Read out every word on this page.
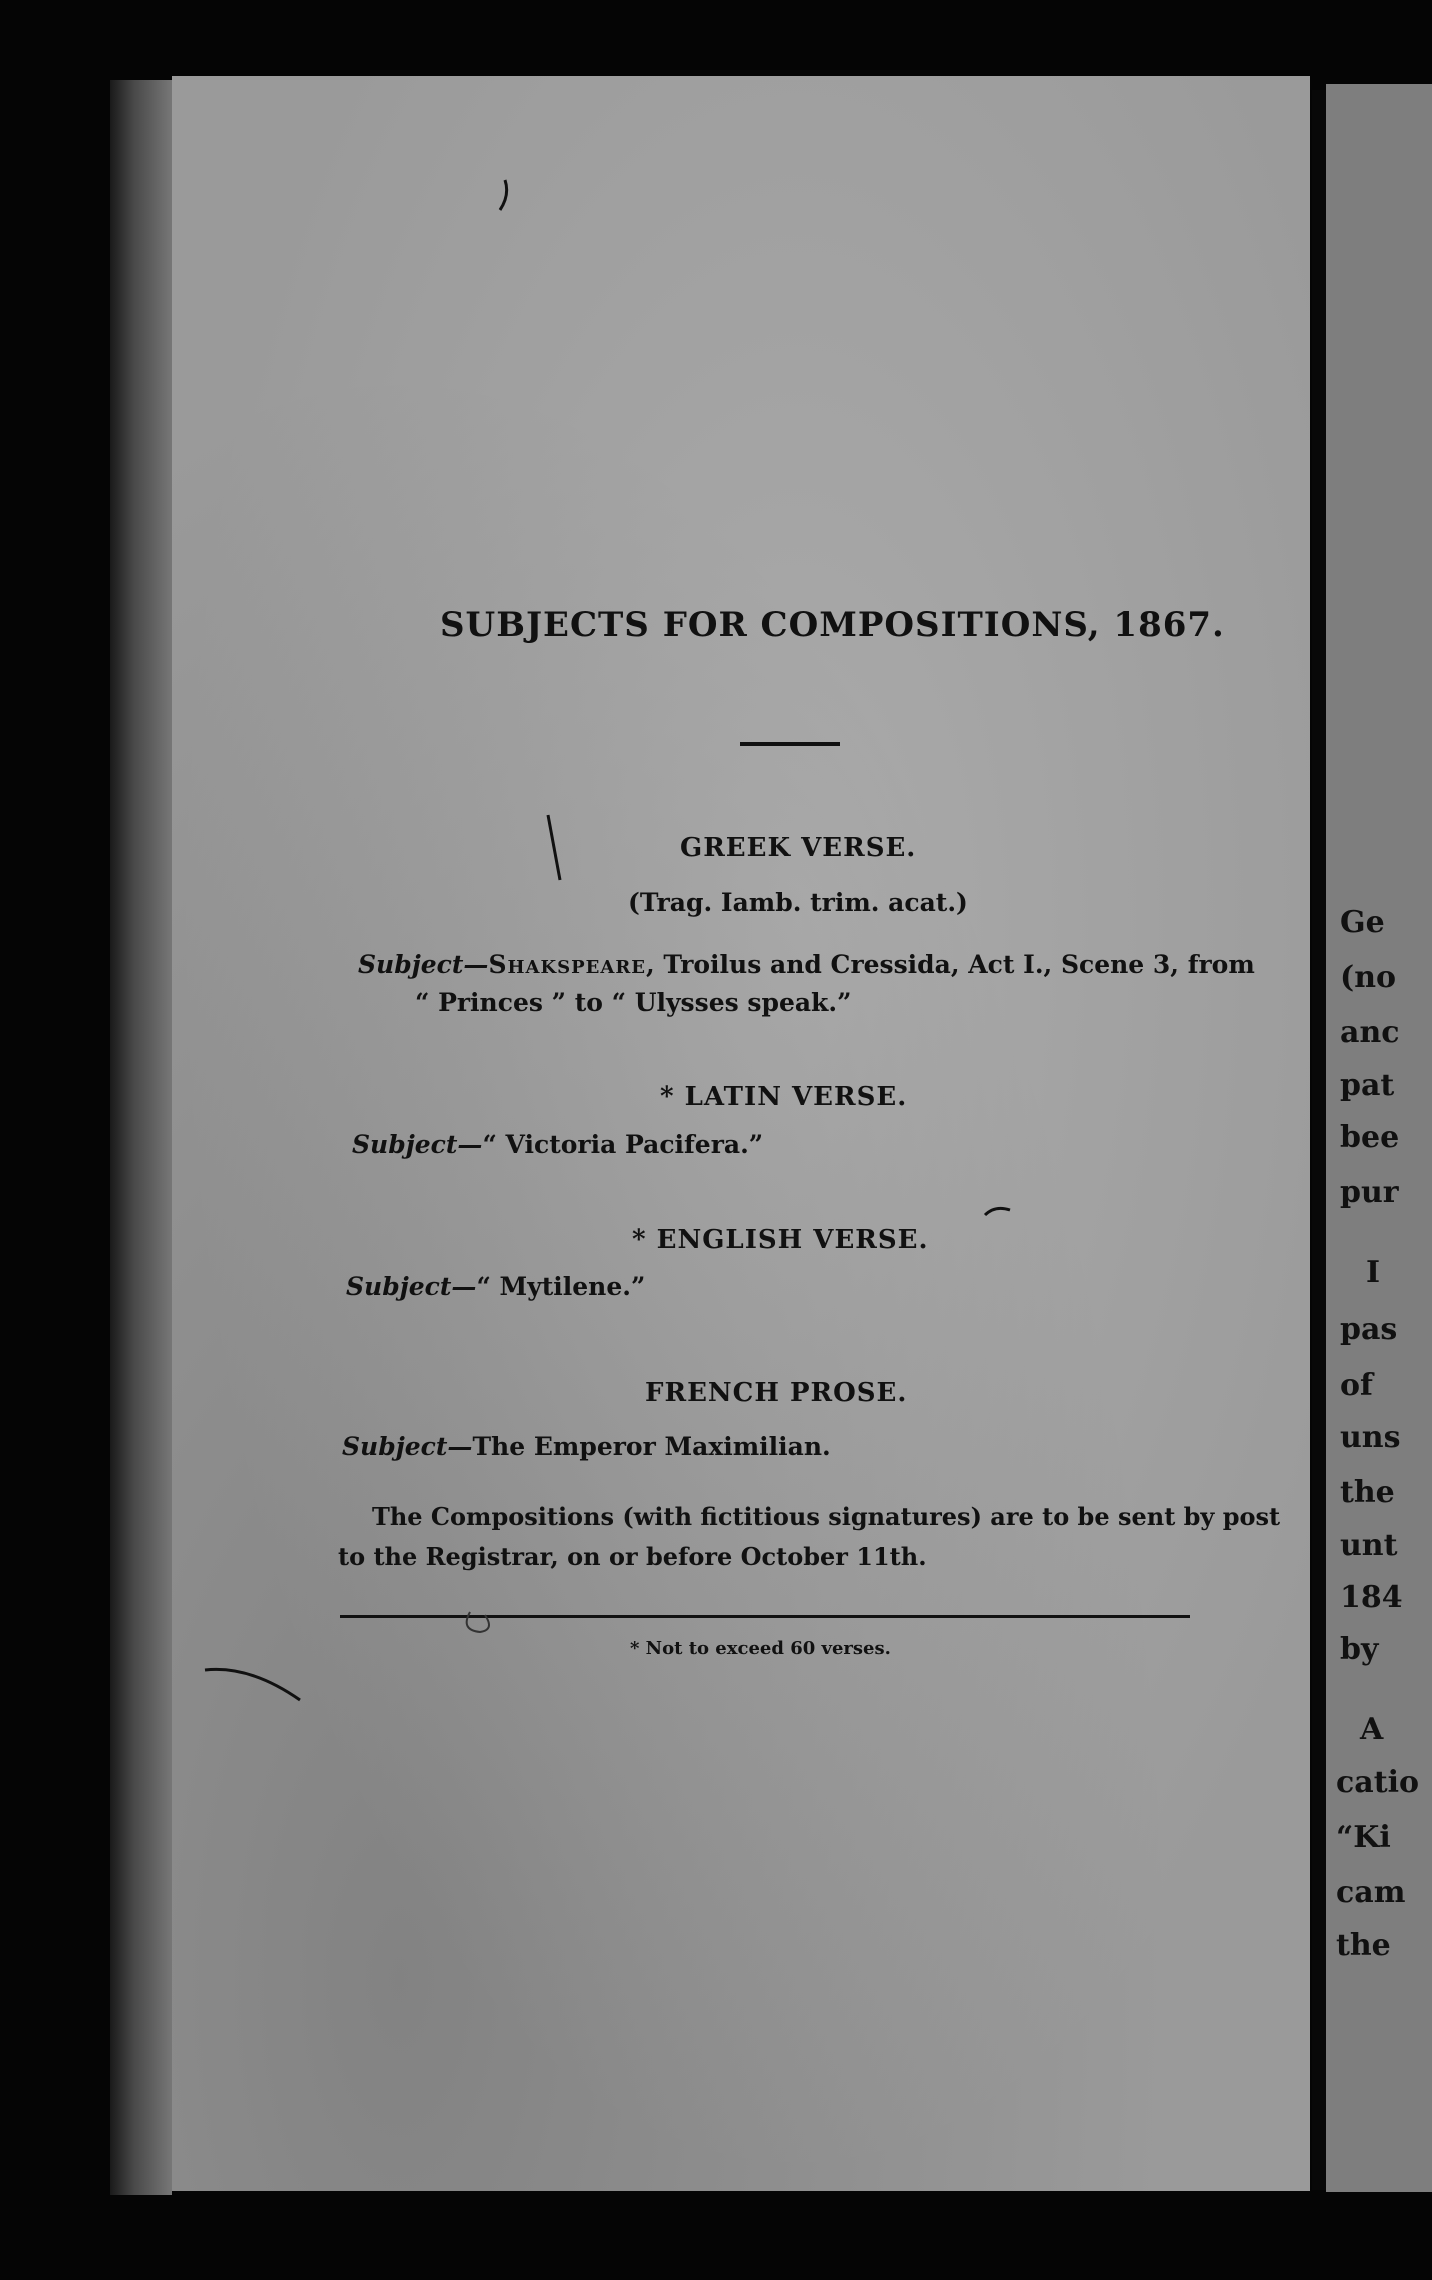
Ge
(no
anc
pat
bee
pur
I
pas
of
uns
the
unt
184
by
A
catio
“Ki
cam
the
SUBJECTS FOR COMPOSITIONS, 1867.
GREEK VERSE.
(Trag. Iamb. trim. acat.)
Subject—Shakspeare, Troilus and Cressida, Act I., Scene 3, from
“ Princes ” to “ Ulysses speak.”
* LATIN VERSE.
Subject—“ Victoria Pacifera.”
* ENGLISH VERSE.
Subject—“ Mytilene.”
FRENCH PROSE.
Subject—The Emperor Maximilian.
The Compositions (with fictitious signatures) are to be sent by post
to the Registrar, on or before October 11th.
* Not to exceed 60 verses.
